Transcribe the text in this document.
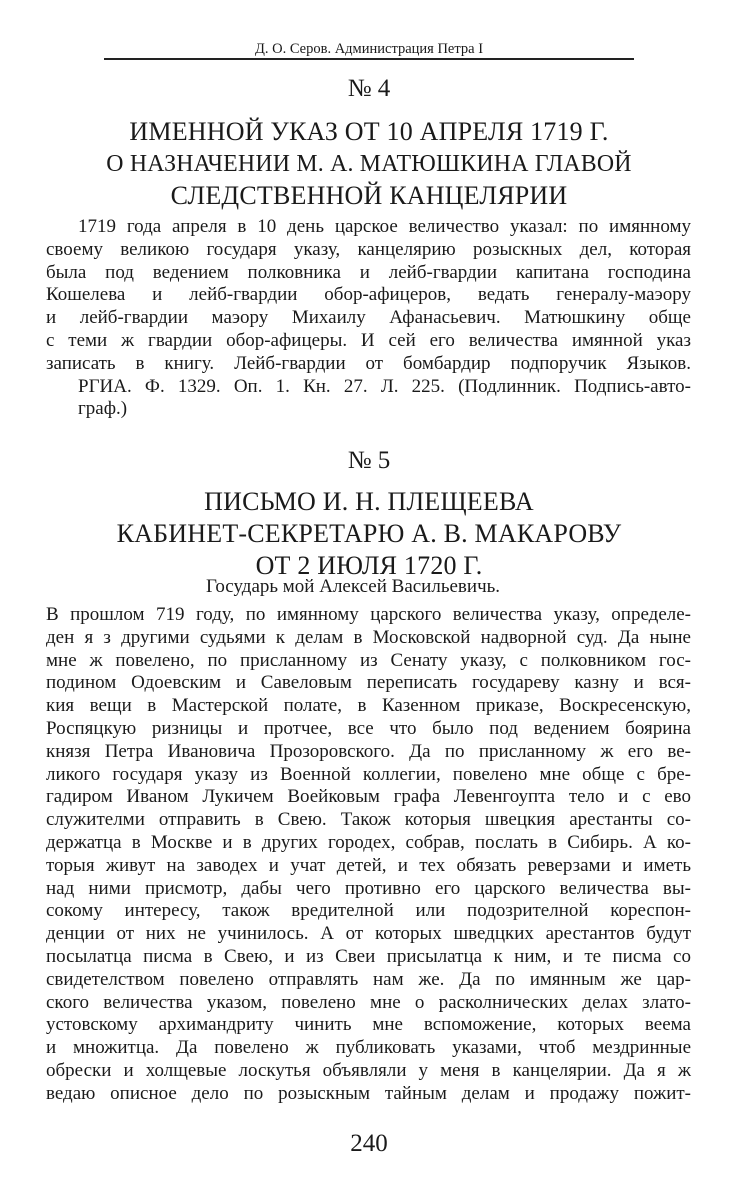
Д. О. Серов. Администрация Петра I
№ 4
ИМЕННОЙ УКАЗ ОТ 10 АПРЕЛЯ 1719 Г.
О НАЗНАЧЕНИИ М. А. МАТЮШКИНА ГЛАВОЙ
СЛЕДСТВЕННОЙ КАНЦЕЛЯРИИ
1719 года апреля в 10 день царское величество указал: по имянному
своему великою государя указу, канцелярию розыскных дел, которая
была под ведением полковника и лейб-гвардии капитана господина
Кошелева и лейб-гвардии обор-афицеров, ведать генералу-маэору
и лейб-гвардии маэору Михаилу Афанасьевич. Матюшкину обще
с теми ж гвардии обор-афицеры. И сей его величества имянной указ
записать в книгу. Лейб-гвардии от бомбардир подпоручик Языков.
РГИА. Ф. 1329. Оп. 1. Кн. 27. Л. 225. (Подлинник. Подпись-авто-
граф.)
№ 5
ПИСЬМО И. Н. ПЛЕЩЕЕВА
КАБИНЕТ-СЕКРЕТАРЮ А. В. МАКАРОВУ
ОТ 2 ИЮЛЯ 1720 Г.
Государь мой Алексей Васильевичь.
В прошлом 719 году, по имянному царского величества указу, определе-
ден я з другими судьями к делам в Московской надворной суд. Да ныне
мне ж повелено, по присланному из Сенату указу, с полковником гос-
подином Одоевским и Савеловым переписать государеву казну и вся-
кия вещи в Мастерской полате, в Казенном приказе, Воскресенскую,
Роспяцкую ризницы и протчее, все что было под ведением боярина
князя Петра Ивановича Прозоровского. Да по присланному ж его ве-
ликого государя указу из Военной коллегии, повелено мне обще с бре-
гадиром Иваном Лукичем Воейковым графа Левенгоупта тело и с ево
служителми отправить в Свею. Також которыя швецкия арестанты со-
держатца в Москве и в других городех, собрав, послать в Сибирь. А ко-
торыя живут на заводех и учат детей, и тех обязать реверзами и иметь
над ними присмотр, дабы чего противно его царского величества вы-
сокому интересу, також вредителной или подозрителной кореспон-
денции от них не учинилось. А от которых шведцких арестантов будут
посылатца писма в Свею, и из Свеи присылатца к ним, и те писма со
свидетелством повелено отправлять нам же. Да по имянным же цар-
ского величества указом, повелено мне о расколнических делах злато-
устовскому архимандриту чинить мне вспоможение, которых веема
и множитца. Да повелено ж публиковать указами, чтоб мездринные
обрески и холщевые лоскутья объявляли у меня в канцелярии. Да я ж
ведаю описное дело по розыскным тайным делам и продажу пожит-
240
